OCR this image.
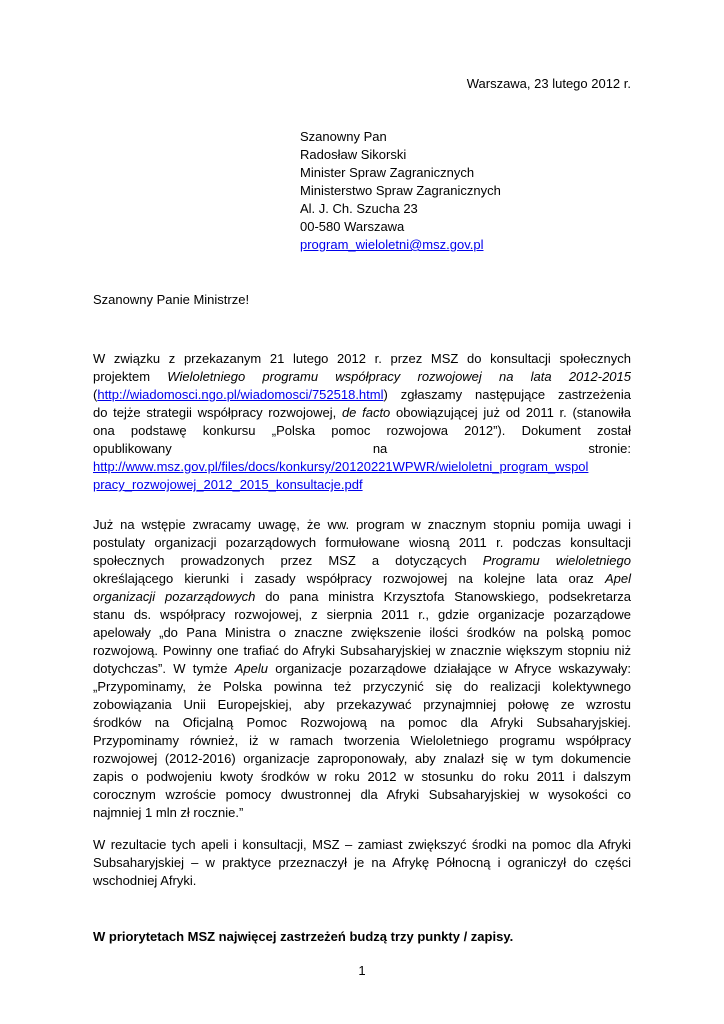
Warszawa, 23 lutego 2012 r.
Szanowny Pan
Radosław Sikorski
Minister Spraw Zagranicznych
Ministerstwo Spraw Zagranicznych
Al. J. Ch. Szucha 23
00-580 Warszawa
program_wieloletni@msz.gov.pl
Szanowny Panie Ministrze!
W związku z przekazanym 21 lutego 2012 r. przez MSZ do konsultacji społecznych
projektem Wieloletniego programu współpracy rozwojowej na lata 2012-2015
(http://wiadomosci.ngo.pl/wiadomosci/752518.html) zgłaszamy następujące zastrzeżenia
do tejże strategii współpracy rozwojowej, de facto obowiązującej już od 2011 r. (stanowiła
ona podstawę konkursu „Polska pomoc rozwojowa 2012”). Dokument został
opublikowany	na	stronie:
http://www.msz.gov.pl/files/docs/konkursy/20120221WPWR/wieloletni_program_wspol
pracy_rozwojowej_2012_2015_konsultacje.pdf
Już na wstępie zwracamy uwagę, że ww. program w znacznym stopniu pomija uwagi i
postulaty organizacji pozarządowych formułowane wiosną 2011 r. podczas konsultacji
społecznych prowadzonych przez MSZ a dotyczących Programu wieloletniego
określającego kierunki i zasady współpracy rozwojowej na kolejne lata oraz Apel
organizacji pozarządowych do pana ministra Krzysztofa Stanowskiego, podsekretarza
stanu ds. współpracy rozwojowej, z sierpnia 2011 r., gdzie organizacje pozarządowe
apelowały „do Pana Ministra o znaczne zwiększenie ilości środków na polską pomoc
rozwojową. Powinny one trafiać do Afryki Subsaharyjskiej w znacznie większym stopniu niż
dotychczas”. W tymże Apelu organizacje pozarządowe działające w Afryce wskazywały:
„Przypominamy, że Polska powinna też przyczynić się do realizacji kolektywnego
zobowiązania Unii Europejskiej, aby przekazywać przynajmniej połowę ze wzrostu
środków na Oficjalną Pomoc Rozwojową na pomoc dla Afryki Subsaharyjskiej.
Przypominamy również, iż w ramach tworzenia Wieloletniego programu współpracy
rozwojowej (2012-2016) organizacje zaproponowały, aby znalazł się w tym dokumencie
zapis o podwojeniu kwoty środków w roku 2012 w stosunku do roku 2011 i dalszym
corocznym wzroście pomocy dwustronnej dla Afryki Subsaharyjskiej w wysokości co
najmniej 1 mln zł rocznie.”
W rezultacie tych apeli i konsultacji, MSZ – zamiast zwiększyć środki na pomoc dla Afryki
Subsaharyjskiej – w praktyce przeznaczył je na Afrykę Północną i ograniczył do części
wschodniej Afryki.
W priorytetach MSZ najwięcej zastrzeżeń budzą trzy punkty / zapisy.
1
